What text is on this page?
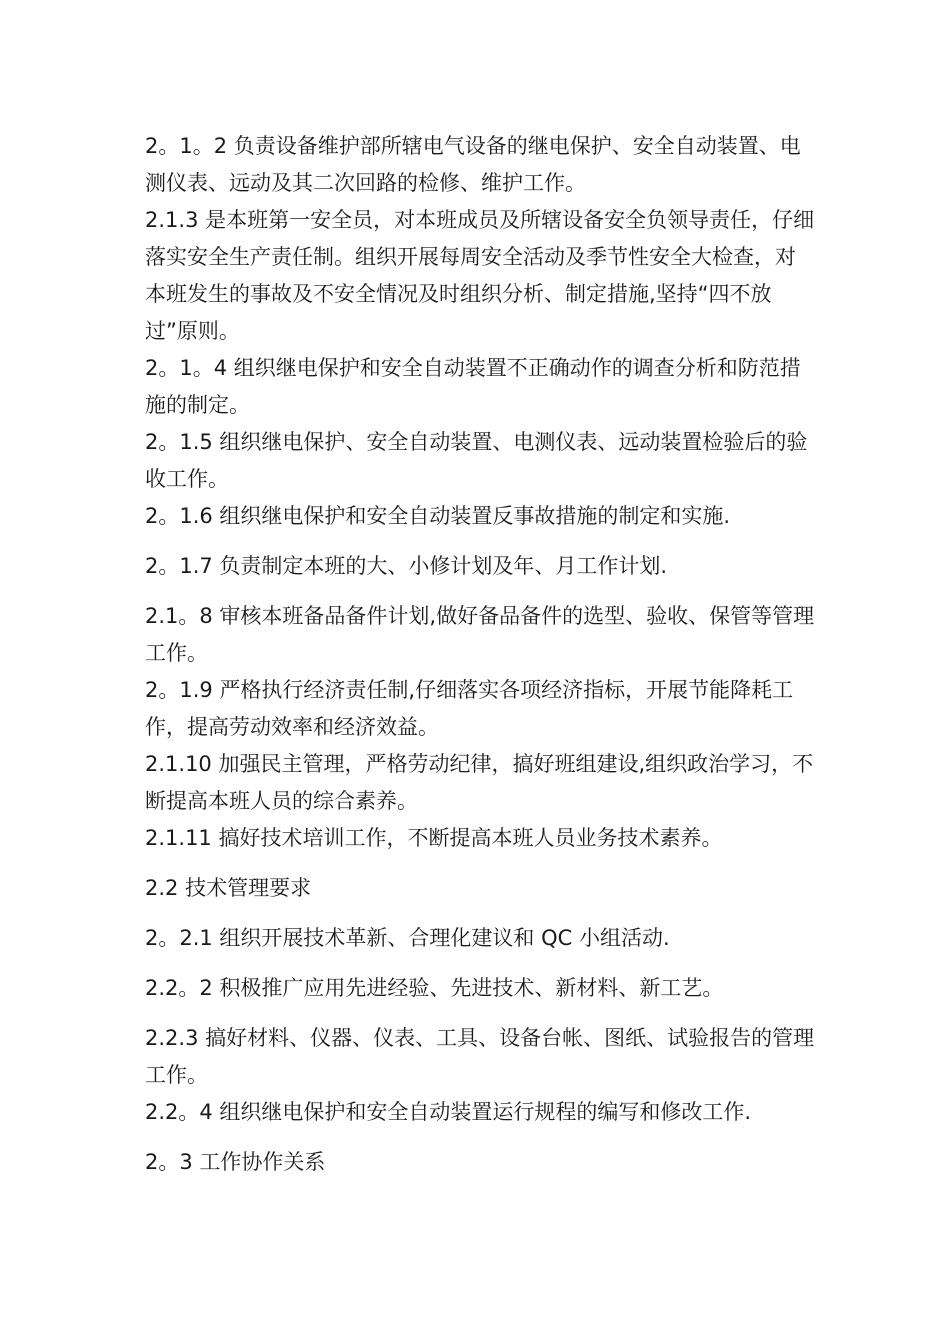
2。1。2 负责设备维护部所辖电气设备的继电保护、安全自动装置、电测仪表、远动及其二次回路的检修、维护工作。

2.1.3 是本班第一安全员，对本班成员及所辖设备安全负领导责任，仔细落实安全生产责任制。组织开展每周安全活动及季节性安全大检查，对本班发生的事故及不安全情况及时组织分析、制定措施,坚持“四不放过”原则。

2。1。4 组织继电保护和安全自动装置不正确动作的调查分析和防范措施的制定。

2。1.5 组织继电保护、安全自动装置、电测仪表、远动装置检验后的验收工作。

2。1.6 组织继电保护和安全自动装置反事故措施的制定和实施.

2。1.7 负责制定本班的大、小修计划及年、月工作计划.

2.1。8 审核本班备品备件计划,做好备品备件的选型、验收、保管等管理工作。

2。1.9 严格执行经济责任制,仔细落实各项经济指标，开展节能降耗工作，提高劳动效率和经济效益。

2.1.10 加强民主管理，严格劳动纪律，搞好班组建设,组织政治学习，不断提高本班人员的综合素养。

2.1.11 搞好技术培训工作，不断提高本班人员业务技术素养。

2.2 技术管理要求

2。2.1 组织开展技术革新、合理化建议和 QC 小组活动.

2.2。2 积极推广应用先进经验、先进技术、新材料、新工艺。

2.2.3 搞好材料、仪器、仪表、工具、设备台帐、图纸、试验报告的管理工作。

2.2。4 组织继电保护和安全自动装置运行规程的编写和修改工作.

2。3 工作协作关系
